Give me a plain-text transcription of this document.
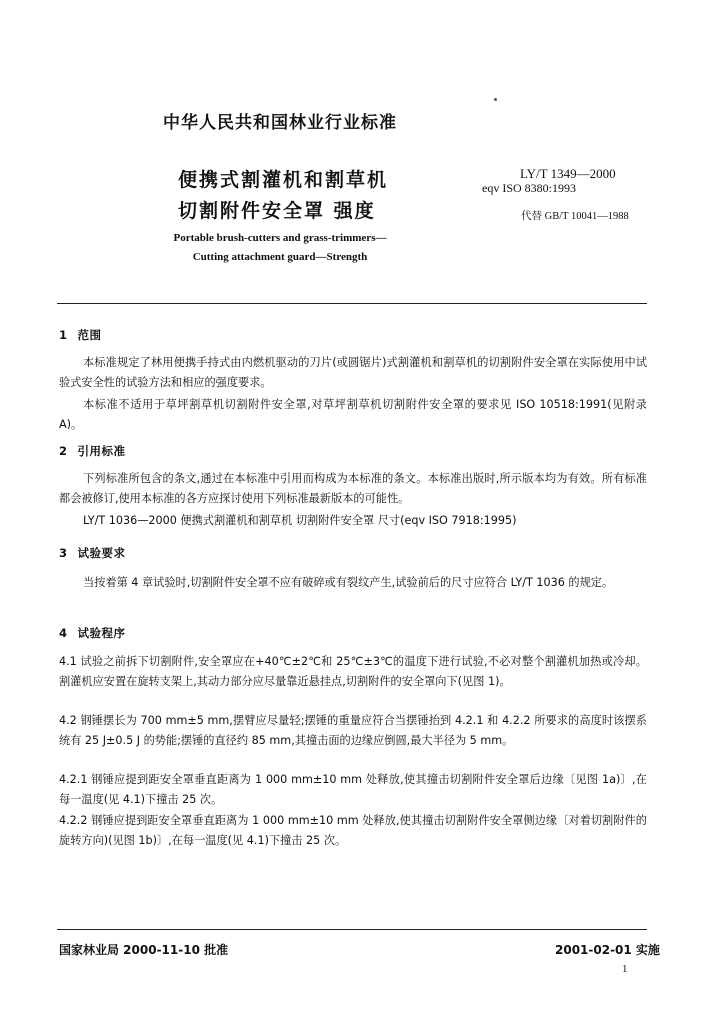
中华人民共和国林业行业标准
便携式割灌机和割草机
切割附件安全罩 强度
LY/T 1349—2000
eqv ISO 8380:1993
代替 GB/T 10041—1988
Portable brush-cutters and grass-trimmers—
Cutting attachment guard—Strength
1 范围
本标准规定了林用便携手持式由内燃机驱动的刀片(或圆锯片)式割灌机和割草机的切割附件安全罩在实际使用中试验式安全性的试验方法和相应的强度要求。
本标准不适用于草坪割草机切割附件安全罩,对草坪割草机切割附件安全罩的要求见 ISO 10518:1991(见附录 A)。
2 引用标准
下列标准所包含的条文,通过在本标准中引用而构成为本标准的条文。本标准出版时,所示版本均为有效。所有标准都会被修订,使用本标准的各方应探讨使用下列标准最新版本的可能性。
LY/T 1036—2000 便携式割灌机和割草机 切割附件安全罩 尺寸(eqv ISO 7918:1995)
3 试验要求
当按着第 4 章试验时,切割附件安全罩不应有破碎或有裂纹产生,试验前后的尺寸应符合 LY/T 1036 的规定。
4 试验程序
4.1 试验之前拆下切割附件,安全罩应在+40℃±2℃和 25℃±3℃的温度下进行试验,不必对整个割灌机加热或冷却。割灌机应安置在旋转支架上,其动力部分应尽量靠近悬挂点,切割附件的安全罩向下(见图 1)。
4.2 钢锤摆长为 700 mm±5 mm,摆臂应尽量轻;摆锤的重量应符合当摆锤抬到 4.2.1 和 4.2.2 所要求的高度时该摆系统有 25 J±0.5 J 的势能;摆锤的直径约 85 mm,其撞击面的边缘应倒圆,最大半径为 5 mm。
4.2.1 钢锤应提到距安全罩垂直距离为 1 000 mm±10 mm 处释放,使其撞击切割附件安全罩后边缘〔见图 1a)〕,在每一温度(见 4.1)下撞击 25 次。
4.2.2 钢锤应提到距安全罩垂直距离为 1 000 mm±10 mm 处释放,使其撞击切割附件安全罩侧边缘〔对着切割附件的旋转方向)(见图 1b)〕,在每一温度(见 4.1)下撞击 25 次。
国家林业局 2000-11-10 批准	2001-02-01 实施
1
